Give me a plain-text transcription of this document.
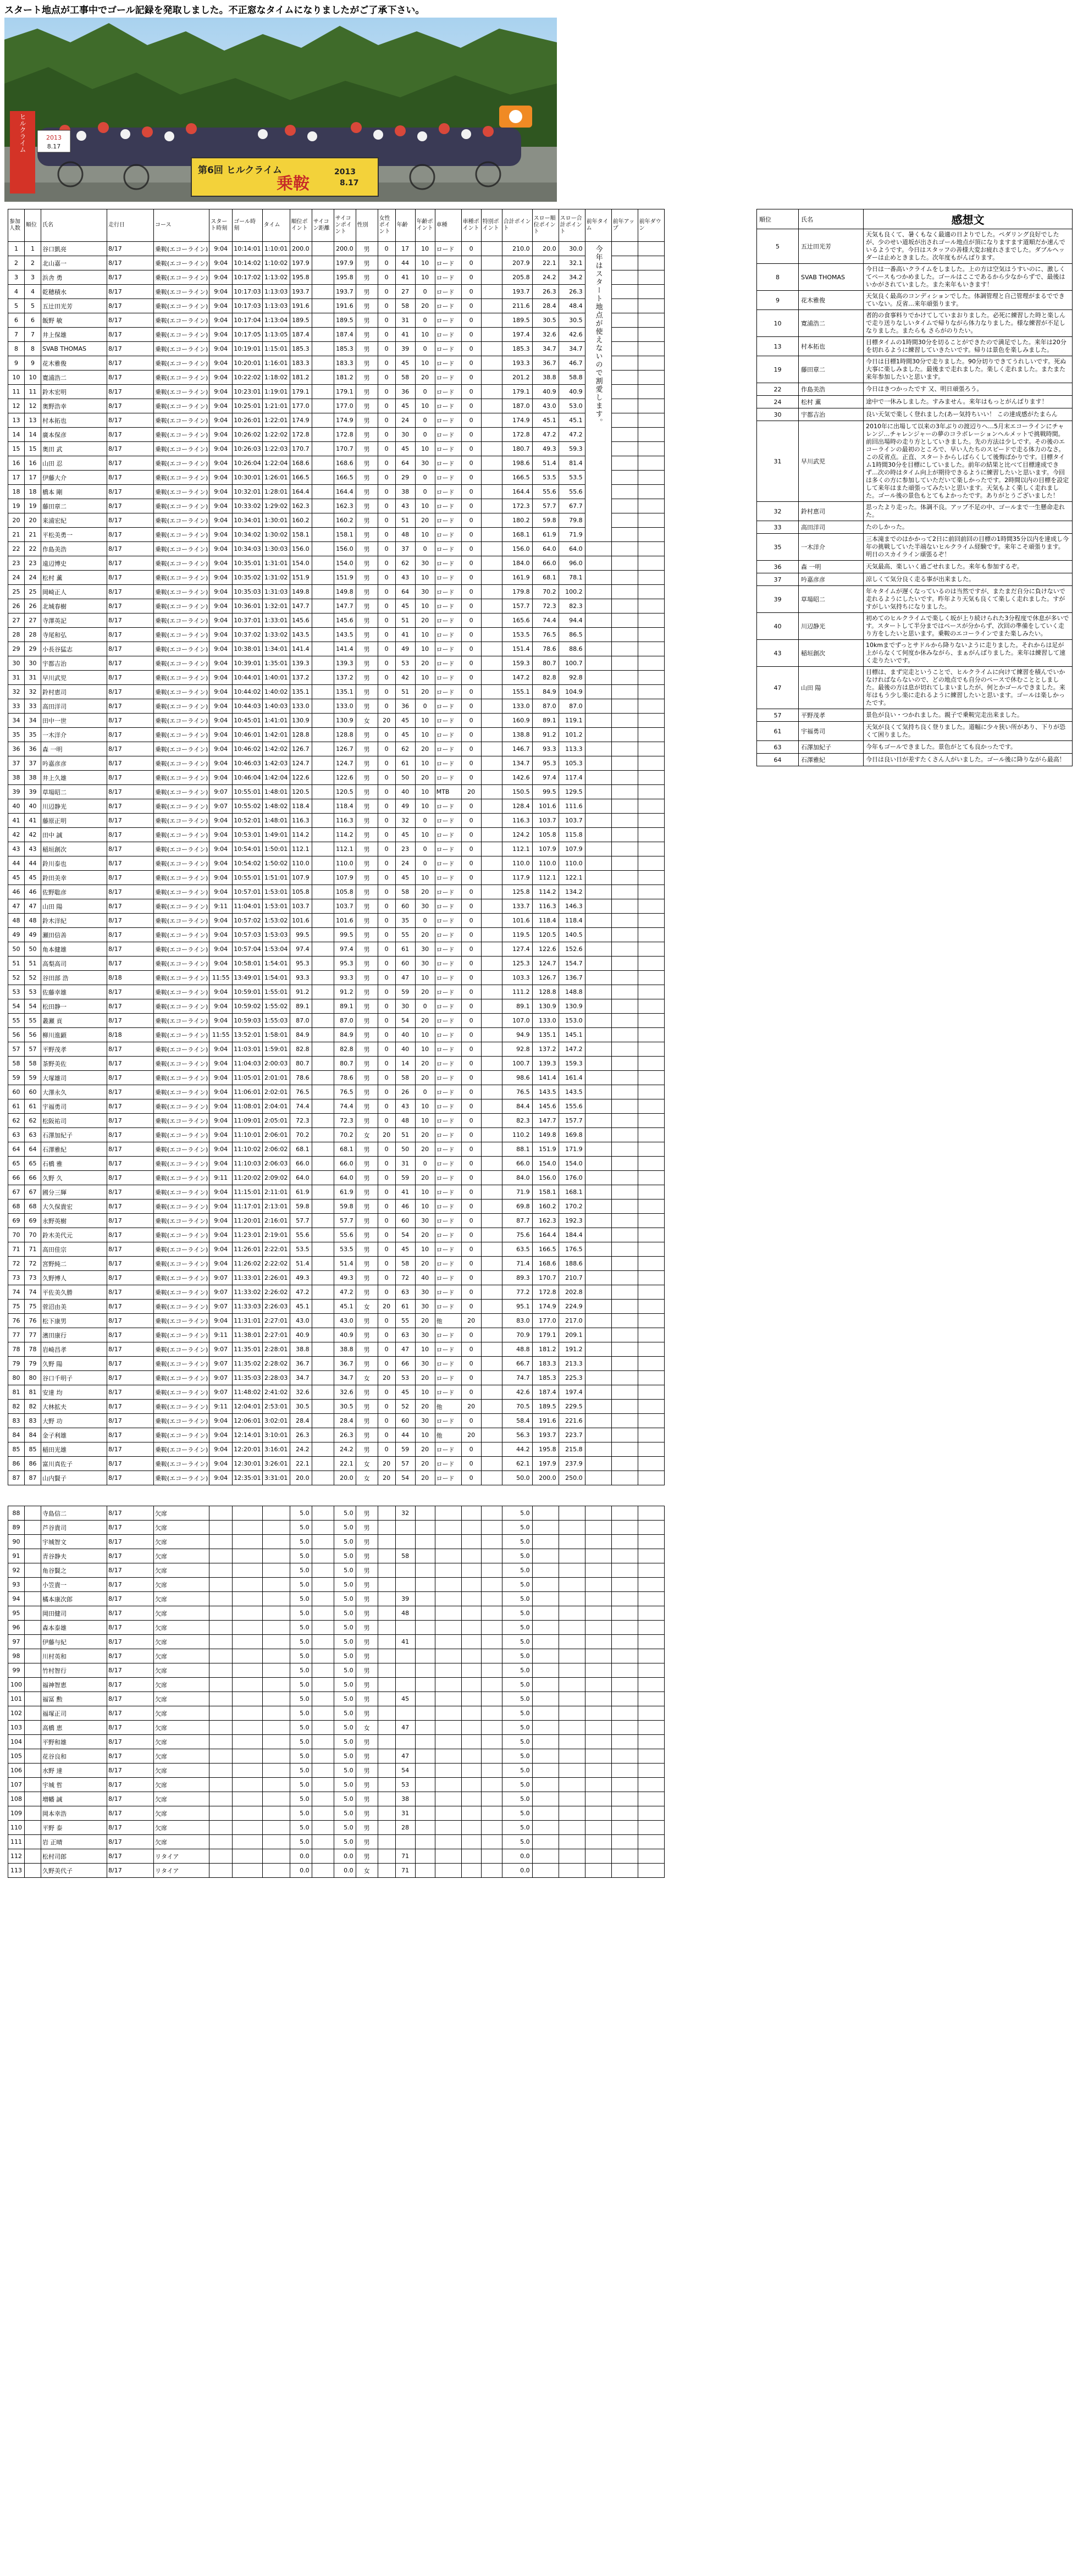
スタート地点が工事中でゴール記録を発取しました。不正窓なタイムになりましたがご了承下さい。
第6回 ヒルクライム
乗鞍
2013
8.17
ヒルクライム	2013
8.17
参加人数	順位	氏名	走行日	コース	スタート時刻	ゴール時刻	タイム	順位ポイント	サイコン距離	サイコンポイント	性別	女性ポイント	年齢	年齢ポイント	車種	車種ポイント	特別ポイント	合計ポイント	スロー順位ポイント	スロー合計ポイント	前年タイム	前年アップ	前年ダウン
1	1	谷口凱亮	8/17	乗鞍(エコーライン)	9:04	10:14:01	1:10:01	200.0		200.0	男	0	17	10	ロード	0		210.0	20.0	30.0	今年はスタート地点が使えないので割愛します。		

2	2	北山嘉一	8/17	乗鞍(エコーライン)	9:04	10:14:02	1:10:02	197.9		197.9	男	0	44	10	ロード	0		207.9	22.1	32.1			
3	3	浜舎 勇	8/17	乗鞍(エコーライン)	9:04	10:17:02	1:13:02	195.8		195.8	男	0	41	10	ロード	0		205.8	24.2	34.2			
4	4	乾穂積水	8/17	乗鞍(エコーライン)	9:04	10:17:03	1:13:03	193.7		193.7	男	0	27	0	ロード	0		193.7	26.3	26.3			
5	5	五辻田光芳	8/17	乗鞍(エコーライン)	9:04	10:17:03	1:13:03	191.6		191.6	男	0	58	20	ロード	0		211.6	28.4	48.4			
6	6	飯野 敏	8/17	乗鞍(エコーライン)	9:04	10:17:04	1:13:04	189.5		189.5	男	0	31	0	ロード	0		189.5	30.5	30.5			
7	7	井上保雄	8/17	乗鞍(エコーライン)	9:04	10:17:05	1:13:05	187.4		187.4	男	0	41	10	ロード	0		197.4	32.6	42.6			
8	8	SVAB THOMAS	8/17	乗鞍(エコーライン)	9:04	10:19:01	1:15:01	185.3		185.3	男	0	39	0	ロード	0		185.3	34.7	34.7			
9	9	花木雅俊	8/17	乗鞍(エコーライン)	9:04	10:20:01	1:16:01	183.3		183.3	男	0	45	10	ロード	0		193.3	36.7	46.7			
10	10	寛浦浩二	8/17	乗鞍(エコーライン)	9:04	10:22:02	1:18:02	181.2		181.2	男	0	58	20	ロード	0		201.2	38.8	58.8			
11	11	鈴木宏明	8/17	乗鞍(エコーライン)	9:04	10:23:01	1:19:01	179.1		179.1	男	0	36	0	ロード	0		179.1	40.9	40.9			
12	12	奥野浩幸	8/17	乗鞍(エコーライン)	9:04	10:25:01	1:21:01	177.0		177.0	男	0	45	10	ロード	0		187.0	43.0	53.0			
13	13	村本拓也	8/17	乗鞍(エコーライン)	9:04	10:26:01	1:22:01	174.9		174.9	男	0	24	0	ロード	0		174.9	45.1	45.1			
14	14	廣本保彦	8/17	乗鞍(エコーライン)	9:04	10:26:02	1:22:02	172.8		172.8	男	0	30	0	ロード	0		172.8	47.2	47.2			
15	15	奥田 武	8/17	乗鞍(エコーライン)	9:04	10:26:03	1:22:03	170.7		170.7	男	0	45	10	ロード	0		180.7	49.3	59.3			
16	16	山田 忍	8/17	乗鞍(エコーライン)	9:04	10:26:04	1:22:04	168.6		168.6	男	0	64	30	ロード	0		198.6	51.4	81.4			
17	17	伊藤大介	8/17	乗鞍(エコーライン)	9:04	10:30:01	1:26:01	166.5		166.5	男	0	29	0	ロード	0		166.5	53.5	53.5			
18	18	橋本 剛	8/17	乗鞍(エコーライン)	9:04	10:32:01	1:28:01	164.4		164.4	男	0	38	0	ロード	0		164.4	55.6	55.6			
19	19	藤田章二	8/17	乗鞍(エコーライン)	9:04	10:33:02	1:29:02	162.3		162.3	男	0	43	10	ロード	0		172.3	57.7	67.7			
20	20	来浦宏紀	8/17	乗鞍(エコーライン)	9:04	10:34:01	1:30:01	160.2		160.2	男	0	51	20	ロード	0		180.2	59.8	79.8			
21	21	平松美勇一	8/17	乗鞍(エコーライン)	9:04	10:34:02	1:30:02	158.1		158.1	男	0	48	10	ロード	0		168.1	61.9	71.9			
22	22	作島美浩	8/17	乗鞍(エコーライン)	9:04	10:34:03	1:30:03	156.0		156.0	男	0	37	0	ロード	0		156.0	64.0	64.0			
23	23	遠辺博史	8/17	乗鞍(エコーライン)	9:04	10:35:01	1:31:01	154.0		154.0	男	0	62	30	ロード	0		184.0	66.0	96.0			
24	24	松村 薫	8/17	乗鞍(エコーライン)	9:04	10:35:02	1:31:02	151.9		151.9	男	0	43	10	ロード	0		161.9	68.1	78.1			
25	25	岡崎正人	8/17	乗鞍(エコーライン)	9:04	10:35:03	1:31:03	149.8		149.8	男	0	64	30	ロード	0		179.8	70.2	100.2			
26	26	北城春樹	8/17	乗鞍(エコーライン)	9:04	10:36:01	1:32:01	147.7		147.7	男	0	45	10	ロード	0		157.7	72.3	82.3			
27	27	寺澤英記	8/17	乗鞍(エコーライン)	9:04	10:37:01	1:33:01	145.6		145.6	男	0	51	20	ロード	0		165.6	74.4	94.4			
28	28	寺尾和弘	8/17	乗鞍(エコーライン)	9:04	10:37:02	1:33:02	143.5		143.5	男	0	41	10	ロード	0		153.5	76.5	86.5			
29	29	小長谷猛志	8/17	乗鞍(エコーライン)	9:04	10:38:01	1:34:01	141.4		141.4	男	0	49	10	ロード	0		151.4	78.6	88.6			
30	30	宇都吉治	8/17	乗鞍(エコーライン)	9:04	10:39:01	1:35:01	139.3		139.3	男	0	53	20	ロード	0		159.3	80.7	100.7			
31	31	早川武児	8/17	乗鞍(エコーライン)	9:04	10:44:01	1:40:01	137.2		137.2	男	0	42	10	ロード	0		147.2	82.8	92.8			
32	32	鈴村恵司	8/17	乗鞍(エコーライン)	9:04	10:44:02	1:40:02	135.1		135.1	男	0	51	20	ロード	0		155.1	84.9	104.9			
33	33	高田洋司	8/17	乗鞍(エコーライン)	9:04	10:44:03	1:40:03	133.0		133.0	男	0	36	0	ロード	0		133.0	87.0	87.0			
34	34	田中一世	8/17	乗鞍(エコーライン)	9:04	10:45:01	1:41:01	130.9		130.9	女	20	45	10	ロード	0		160.9	89.1	119.1			
35	35	一木洋介	8/17	乗鞍(エコーライン)	9:04	10:46:01	1:42:01	128.8		128.8	男	0	45	10	ロード	0		138.8	91.2	101.2			
36	36	森 一明	8/17	乗鞍(エコーライン)	9:04	10:46:02	1:42:02	126.7		126.7	男	0	62	20	ロード	0		146.7	93.3	113.3			
37	37	吟嘉彦彦	8/17	乗鞍(エコーライン)	9:04	10:46:03	1:42:03	124.7		124.7	男	0	61	10	ロード	0		134.7	95.3	105.3			
38	38	井上久雄	8/17	乗鞍(エコーライン)	9:04	10:46:04	1:42:04	122.6		122.6	男	0	50	20	ロード	0		142.6	97.4	117.4			
39	39	草場昭二	8/17	乗鞍(エコーライン)	9:07	10:55:01	1:48:01	120.5		120.5	男	0	40	10	MTB	20		150.5	99.5	129.5			
40	40	川辺静光	8/17	乗鞍(エコーライン)	9:07	10:55:02	1:48:02	118.4		118.4	男	0	49	10	ロード	0		128.4	101.6	111.6			
41	41	藤原正明	8/17	乗鞍(エコーライン)	9:04	10:52:01	1:48:01	116.3		116.3	男	0	32	0	ロード	0		116.3	103.7	103.7			
42	42	田中 誠	8/17	乗鞍(エコーライン)	9:04	10:53:01	1:49:01	114.2		114.2	男	0	45	10	ロード	0		124.2	105.8	115.8			
43	43	稲垣創次	8/17	乗鞍(エコーライン)	9:04	10:54:01	1:50:01	112.1		112.1	男	0	23	0	ロード	0		112.1	107.9	107.9			
44	44	鈴川泰也	8/17	乗鞍(エコーライン)	9:04	10:54:02	1:50:02	110.0		110.0	男	0	24	0	ロード	0		110.0	110.0	110.0			
45	45	鈴田美幸	8/17	乗鞍(エコーライン)	9:04	10:55:01	1:51:01	107.9		107.9	男	0	45	10	ロード	0		117.9	112.1	122.1			
46	46	佐野聡彦	8/17	乗鞍(エコーライン)	9:04	10:57:01	1:53:01	105.8		105.8	男	0	58	20	ロード	0		125.8	114.2	134.2			
47	47	山田 陽	8/17	乗鞍(エコーライン)	9:11	11:04:01	1:53:01	103.7		103.7	男	0	60	30	ロード	0		133.7	116.3	146.3			
48	48	鈴木洋紀	8/17	乗鞍(エコーライン)	9:04	10:57:02	1:53:02	101.6		101.6	男	0	35	0	ロード	0		101.6	118.4	118.4			
49	49	瀬田信善	8/17	乗鞍(エコーライン)	9:04	10:57:03	1:53:03	99.5		99.5	男	0	55	20	ロード	0		119.5	120.5	140.5			
50	50	角本健雄	8/17	乗鞍(エコーライン)	9:04	10:57:04	1:53:04	97.4		97.4	男	0	61	30	ロード	0		127.4	122.6	152.6			
51	51	高梨高司	8/17	乗鞍(エコーライン)	9:04	10:58:01	1:54:01	95.3		95.3	男	0	60	30	ロード	0		125.3	124.7	154.7			
52	52	谷田部 浩	8/18	乗鞍(エコーライン)	11:55	13:49:01	1:54:01	93.3		93.3	男	0	47	10	ロード	0		103.3	126.7	136.7			
53	53	佐藤幸雄	8/17	乗鞍(エコーライン)	9:04	10:59:01	1:55:01	91.2		91.2	男	0	59	20	ロード	0		111.2	128.8	148.8			
54	54	松田静一	8/17	乗鞍(エコーライン)	9:04	10:59:02	1:55:02	89.1		89.1	男	0	30	0	ロード	0		89.1	130.9	130.9			
55	55	叢瀬 貢	8/17	乗鞍(エコーライン)	9:04	10:59:03	1:55:03	87.0		87.0	男	0	54	20	ロード	0		107.0	133.0	153.0			
56	56	柳川進顕	8/18	乗鞍(エコーライン)	11:55	13:52:01	1:58:01	84.9		84.9	男	0	40	10	ロード	0		94.9	135.1	145.1			
57	57	平野茂孝	8/17	乗鞍(エコーライン)	9:04	11:03:01	1:59:01	82.8		82.8	男	0	40	10	ロード	0		92.8	137.2	147.2			
58	58	茶野美佐	8/17	乗鞍(エコーライン)	9:04	11:04:03	2:00:03	80.7		80.7	男	0	14	20	ロード	0		100.7	139.3	159.3			
59	59	大塚雄司	8/17	乗鞍(エコーライン)	9:04	11:05:01	2:01:01	78.6		78.6	男	0	58	20	ロード	0		98.6	141.4	161.4			
60	60	大澤永久	8/17	乗鞍(エコーライン)	9:04	11:06:01	2:02:01	76.5		76.5	男	0	26	0	ロード	0		76.5	143.5	143.5			
61	61	宇福勇司	8/17	乗鞍(エコーライン)	9:04	11:08:01	2:04:01	74.4		74.4	男	0	43	10	ロード	0		84.4	145.6	155.6			
62	62	松阪祐司	8/17	乗鞍(エコーライン)	9:04	11:09:01	2:05:01	72.3		72.3	男	0	48	10	ロード	0		82.3	147.7	157.7			
63	63	石澤加紀子	8/17	乗鞍(エコーライン)	9:04	11:10:01	2:06:01	70.2		70.2	女	20	51	20	ロード	0		110.2	149.8	169.8			
64	64	石澤雅紀	8/17	乗鞍(エコーライン)	9:04	11:10:02	2:06:02	68.1		68.1	男	0	50	20	ロード	0		88.1	151.9	171.9			
65	65	石橋 雅	8/17	乗鞍(エコーライン)	9:04	11:10:03	2:06:03	66.0		66.0	男	0	31	0	ロード	0		66.0	154.0	154.0			
66	66	久野 久	8/17	乗鞍(エコーライン)	9:11	11:20:02	2:09:02	64.0		64.0	男	0	59	20	ロード	0		84.0	156.0	176.0			
67	67	國分三輝	8/17	乗鞍(エコーライン)	9:04	11:15:01	2:11:01	61.9		61.9	男	0	41	10	ロード	0		71.9	158.1	168.1			
68	68	大久保貴宏	8/17	乗鞍(エコーライン)	9:04	11:17:01	2:13:01	59.8		59.8	男	0	46	10	ロード	0		69.8	160.2	170.2			
69	69	永野英樹	8/17	乗鞍(エコーライン)	9:04	11:20:01	2:16:01	57.7		57.7	男	0	60	30	ロード	0		87.7	162.3	192.3			
70	70	鈴木美代元	8/17	乗鞍(エコーライン)	9:04	11:23:01	2:19:01	55.6		55.6	男	0	54	20	ロード	0		75.6	164.4	184.4			
71	71	高田佳宗	8/17	乗鞍(エコーライン)	9:04	11:26:01	2:22:01	53.5		53.5	男	0	45	10	ロード	0		63.5	166.5	176.5			
72	72	宮野純二	8/17	乗鞍(エコーライン)	9:04	11:26:02	2:22:02	51.4		51.4	男	0	58	20	ロード	0		71.4	168.6	188.6			
73	73	久野博人	8/17	乗鞍(エコーライン)	9:07	11:33:01	2:26:01	49.3		49.3	男	0	72	40	ロード	0		89.3	170.7	210.7			
74	74	平佐美久勝	8/17	乗鞍(エコーライン)	9:07	11:33:02	2:26:02	47.2		47.2	男	0	63	30	ロード	0		77.2	172.8	202.8			
75	75	菅沼由美	8/17	乗鞍(エコーライン)	9:07	11:33:03	2:26:03	45.1		45.1	女	20	61	30	ロード	0		95.1	174.9	224.9			
76	76	松下康男	8/17	乗鞍(エコーライン)	9:04	11:31:01	2:27:01	43.0		43.0	男	0	55	20	他	20		83.0	177.0	217.0			
77	77	濱田康行	8/17	乗鞍(エコーライン)	9:11	11:38:01	2:27:01	40.9		40.9	男	0	63	30	ロード	0		70.9	179.1	209.1			
78	78	岩崎昌孝	8/17	乗鞍(エコーライン)	9:07	11:35:01	2:28:01	38.8		38.8	男	0	47	10	ロード	0		48.8	181.2	191.2			
79	79	久野 陽	8/17	乗鞍(エコーライン)	9:07	11:35:02	2:28:02	36.7		36.7	男	0	66	30	ロード	0		66.7	183.3	213.3			
80	80	谷口千明子	8/17	乗鞍(エコーライン)	9:07	11:35:03	2:28:03	34.7		34.7	女	20	53	20	ロード	0		74.7	185.3	225.3			
81	81	安達 均	8/17	乗鞍(エコーライン)	9:07	11:48:02	2:41:02	32.6		32.6	男	0	45	10	ロード	0		42.6	187.4	197.4			
82	82	大林拡夫	8/17	乗鞍(エコーライン)	9:11	12:04:01	2:53:01	30.5		30.5	男	0	52	20	他	20		70.5	189.5	229.5			
83	83	大野 功	8/17	乗鞍(エコーライン)	9:04	12:06:01	3:02:01	28.4		28.4	男	0	60	30	ロード	0		58.4	191.6	221.6			
84	84	金子利雄	8/17	乗鞍(エコーライン)	9:04	12:14:01	3:10:01	26.3		26.3	男	0	44	10	他	20		56.3	193.7	223.7			
85	85	稲田光雄	8/17	乗鞍(エコーライン)	9:04	12:20:01	3:16:01	24.2		24.2	男	0	59	20	ロード	0		44.2	195.8	215.8			
86	86	富川真佐子	8/17	乗鞍(エコーライン)	9:04	12:30:01	3:26:01	22.1		22.1	女	20	57	20	ロード	0		62.1	197.9	237.9			
87	87	山内賢子	8/17	乗鞍(エコーライン)	9:04	12:35:01	3:31:01	20.0		20.0	女	20	54	20	ロード	0		50.0	200.0	250.0			

88		寺島信二	8/17	欠席				5.0		5.0	男		32					5.0					
89		芦谷貴司	8/17	欠席				5.0		5.0	男							5.0					
90		宇城智文	8/17	欠席				5.0		5.0	男							5.0					
91		青谷静夫	8/17	欠席				5.0		5.0	男		58					5.0					
92		角谷賢之	8/17	欠席				5.0		5.0	男							5.0					
93		小笠貴一	8/17	欠席				5.0		5.0	男							5.0					
94		橘本康次郎	8/17	欠席				5.0		5.0	男		39					5.0					
95		岡田健司	8/17	欠席				5.0		5.0	男		48					5.0					
96		森本泰雄	8/17	欠席				5.0		5.0	男							5.0					
97		伊藤与紀	8/17	欠席				5.0		5.0	男		41					5.0					
98		川村英和	8/17	欠席				5.0		5.0	男							5.0					
99		竹村智行	8/17	欠席				5.0		5.0	男							5.0					
100		福神智恵	8/17	欠席				5.0		5.0	男							5.0					
101		福冨 勲	8/17	欠席				5.0		5.0	男		45					5.0					
102		福塚正司	8/17	欠席				5.0		5.0	男							5.0					
103		高橋 恵	8/17	欠席				5.0		5.0	女		47					5.0					
104		平野和雄	8/17	欠席				5.0		5.0	男							5.0					
105		花谷良和	8/17	欠席				5.0		5.0	男		47					5.0					
106		水野 達	8/17	欠席				5.0		5.0	男		54					5.0					
107		宇城 哲	8/17	欠席				5.0		5.0	男		53					5.0					
108		増幡 誠	8/17	欠席				5.0		5.0	男		38					5.0					
109		岡本幸浩	8/17	欠席				5.0		5.0	男		31					5.0					
110		平野 泰	8/17	欠席				5.0		5.0	男		28					5.0					
111		岩 正晴	8/17	欠席				5.0		5.0	男							5.0					
112		松村司郎	8/17	リタイア				0.0		0.0	男		71					0.0					
113		久野美代子	8/17	リタイア				0.0		0.0	女		71					0.0					
順位	氏名	感想文
5	五辻田光芳	天気も良くて、暑くもなく最適の日よりでした。ペダリング良好でしたが、少のせい道坂が出されゴール地点が頂になりますます道順だか速んでいるようです。今日はスタッフの善様大変お疲れさまでした。ダブルヘッダーは止めときました。次年度もがんばります。
8	SVAB THOMAS	今日は一番高いクライムをしました。上の方は空気はうすいのに、激しくてペースもつかめました。ゴールはここであるから少なからずで、最後はいかがされていました。また来年もいきます！
9	花木雅俊	天気良く最高のコンディションでした。体調管理と自己管理がまるでできていない。反省…来年頑張ります。
10	寛浦浩二	者的の食事料りでかけてしていまおりました。必死に練習した時と楽しんで走り送りなしいタイムで帰りながら体力なりました。様な練習が不足しなりました。またらも さらがのりたい。
13	村本拓也	目標タイムの1時間30分を切ることができたので満足でした。来年は20分を切れるように練習していきたいです。帰りは景色を楽しみました。
19	藤田章二	今日は目標1時間30分で走りました。90分切りできてうれしいです。死ぬ大事に楽しみました。最後まで走れました。楽しく走れました。またまた来年参加したいと思います。
22	作島美浩	今日はきつかったです 又、明日頑張ろう。
24	松村 薫	途中で一休みしました。すみません。来年はもっとがんばります！
30	宇都吉治	良い天気で楽しく登れました(あー気持ちいい！ この達成感がたまらん
31	早川武児	2010年に出場して以来の3年ぶりの渡辺りへ…5月末エコーラインにチャレンジ…チャレンジャーの夢のコラボレーションヘルメットで挑戦時間。前回出場時の走り方としていきました。先の方法は少しです。その後のエコーラインの最初のところで、早い人たちのスピードで走る体力のなさ。この反省点。正直、スタートからしばらくして後悔ばかりです。目標タイム1時間30分を目標にしていました。前年の結果と比べて目標達成できず…次の時はタイム向上が期待できるように練習したいと思います。今回は多くの方に参加していただいて楽しかったです。2時間以内の目標を設定して来年はまた頑張ってみたいと思います。天気もよく楽しく走れました。ゴール後の景色もとてもよかったです。ありがとうございました！
32	鈴村恵司	思ったより走った。体調不良。アップ不足の中、ゴールまで一生懸命走れた。
33	高田洋司	たのしかった。
35	一木洋介	三本滝までのはかかって2日に前回前回の目標の1時間35分以内を達成し今年の挑戦していた半端ないヒルクライム経験です。来年こそ頑張ります。明日のスカイライン頑張るぞ！
36	森 一明	天気最高、楽しいく過ごせれました。来年も参加するぞ。
37	吟嘉彦彦	涼しくて気分良く走る事が出来ました。
39	草場昭二	年々タイムが遅くなっているのは当然ですが、またまだ自分に負けないで走れるようにしたいです。昨年より天気も良くて楽しく走れました。すがすがしい気持ちになりました。
40	川辺静光	初めてのヒルクライムで楽しく坂が上り続けられた3分程度で休息が多いです。スタートして半分まではペースが分からず、次回の準備をしていく走り方をしたいと思います。乗鞍のエコーラインでまた楽しみたい。
43	稲垣創次	10kmまでずっとサドルから降りないように走りました。それからは足が上がらなくて何度か休みながら、まぁがんばりました。来年は練習して速く走りたいです。
47	山田 陽	目標は、まず完走ということで、ヒルクライムに向けて練習を積んでいかなければならないので、どの地点でも自分のペースで休むこととしました。最後の方は息が切れてしまいましたが、何とかゴールできました。来年はもう少し楽に走れるように練習したいと思います。ゴールは楽しかったです。
57	平野茂孝	景色が良い・つかれました。親子で乗鞍完走出来ました。
61	宇福勇司	天気が良くて気持ち良く登りました。道幅に少々狭い所があり、下りが恐くて困りました。
63	石澤加紀子	今年もゴールできました。景色がとても良かったです。
64	石澤雅紀	今日は良い日が差すたくさん人がいました。ゴール後に降りながら最高！
